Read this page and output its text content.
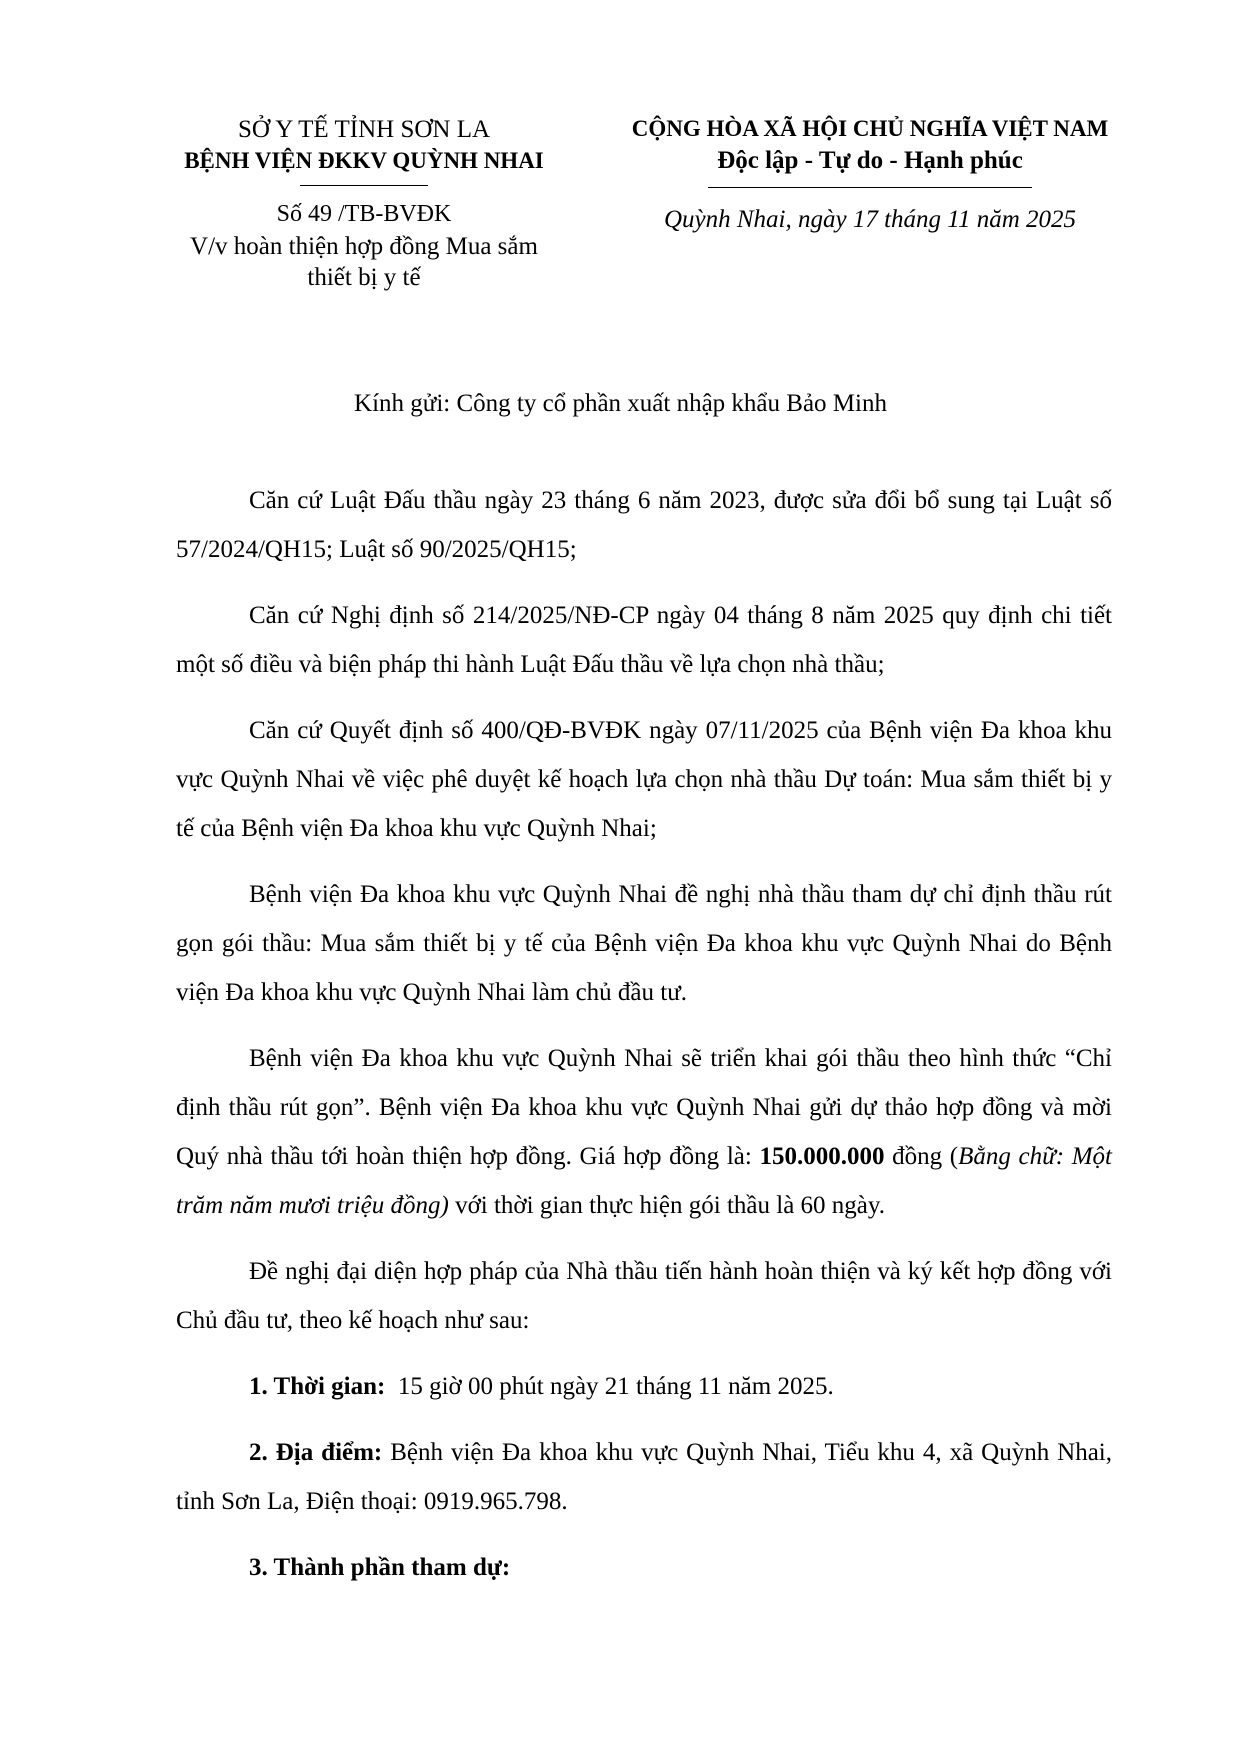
SỞ Y TẾ TỈNH SƠN LA
BỆNH VIỆN ĐKKV QUỲNH NHAI
Số 49 /TB-BVĐK
V/v hoàn thiện hợp đồng Mua sắm
thiết bị y tế
CỘNG HÒA XÃ HỘI CHỦ NGHĨA VIỆT NAM
Độc lập - Tự do - Hạnh phúc
Quỳnh Nhai, ngày 17 tháng 11 năm 2025
Kính gửi: Công ty cổ phần xuất nhập khẩu Bảo Minh

Căn cứ Luật Đấu thầu ngày 23 tháng 6 năm 2023, được sửa đổi bổ sung tại Luật số 57/2024/QH15; Luật số 90/2025/QH15;

Căn cứ Nghị định số 214/2025/NĐ-CP ngày 04 tháng 8 năm 2025 quy định chi tiết một số điều và biện pháp thi hành Luật Đấu thầu về lựa chọn nhà thầu;

Căn cứ Quyết định số 400/QĐ-BVĐK ngày 07/11/2025 của Bệnh viện Đa khoa khu vực Quỳnh Nhai về việc phê duyệt kế hoạch lựa chọn nhà thầu Dự toán: Mua sắm thiết bị y tế của Bệnh viện Đa khoa khu vực Quỳnh Nhai;

Bệnh viện Đa khoa khu vực Quỳnh Nhai đề nghị nhà thầu tham dự chỉ định thầu rút gọn gói thầu: Mua sắm thiết bị y tế của Bệnh viện Đa khoa khu vực Quỳnh Nhai do Bệnh viện Đa khoa khu vực Quỳnh Nhai làm chủ đầu tư.

Bệnh viện Đa khoa khu vực Quỳnh Nhai sẽ triển khai gói thầu theo hình thức “Chỉ định thầu rút gọn”. Bệnh viện Đa khoa khu vực Quỳnh Nhai gửi dự thảo hợp đồng và mời Quý nhà thầu tới hoàn thiện hợp đồng. Giá hợp đồng là: 150.000.000 đồng (Bằng chữ: Một trăm năm mươi triệu đồng) với thời gian thực hiện gói thầu là 60 ngày.

Đề nghị đại diện hợp pháp của Nhà thầu tiến hành hoàn thiện và ký kết hợp đồng với Chủ đầu tư, theo kế hoạch như sau:

1. Thời gian: 15 giờ 00 phút ngày 21 tháng 11 năm 2025.

2. Địa điểm: Bệnh viện Đa khoa khu vực Quỳnh Nhai, Tiểu khu 4, xã Quỳnh Nhai, tỉnh Sơn La, Điện thoại: 0919.965.798.

3. Thành phần tham dự:
